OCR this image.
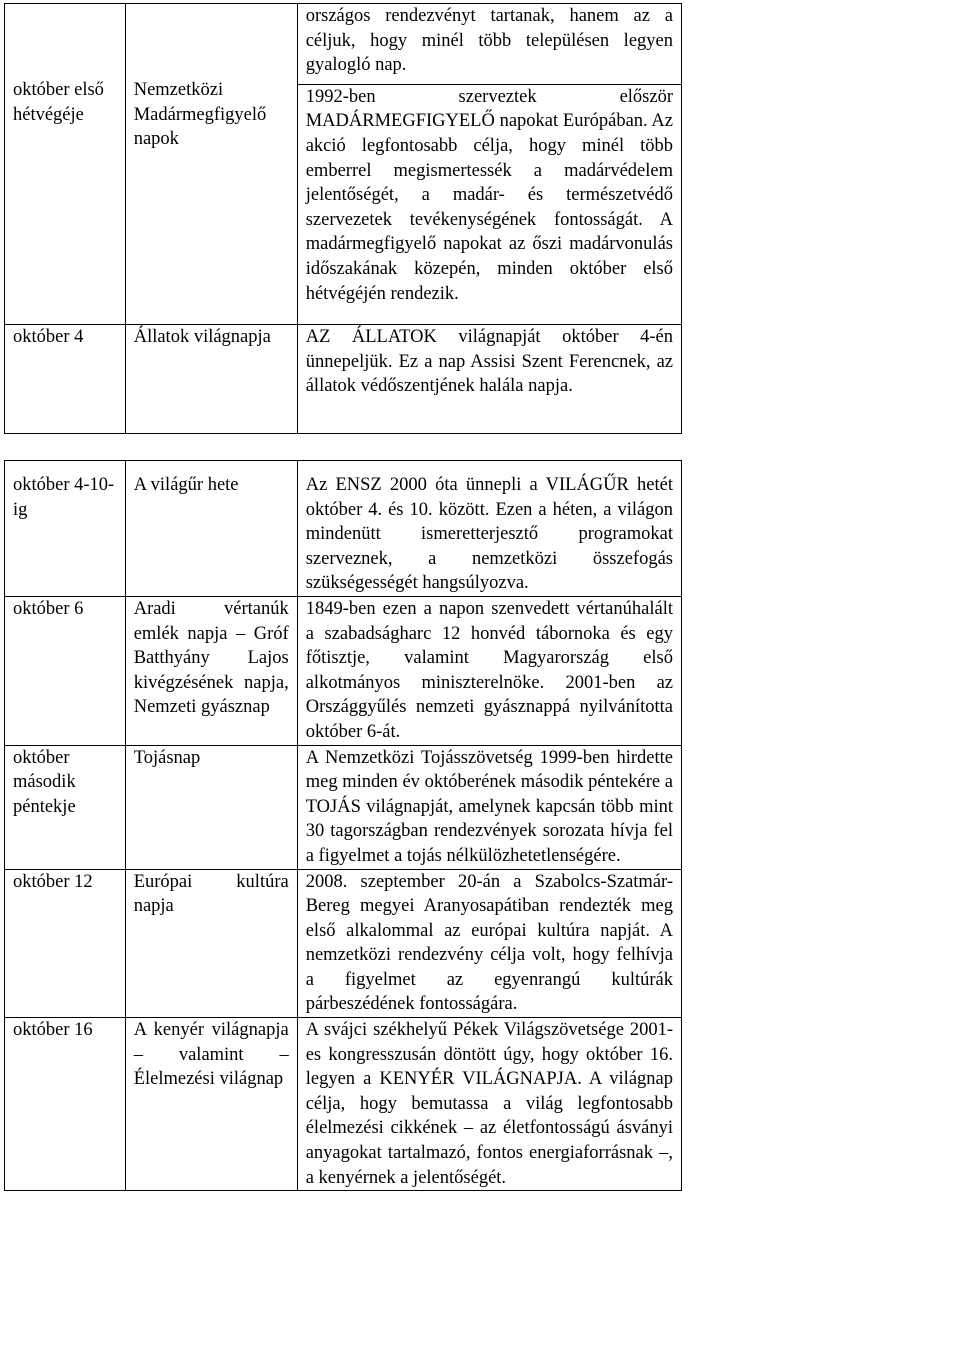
október első hétvégéje	Nemzetközi Madármegfigyelő napok	országos rendezvényt tartanak, hanem az a céljuk, hogy minél több településen legyen gyalogló nap.
		1992-ben szerveztek először MADÁRMEGFIGYELŐ napokat Európában. Az akció legfontosabb célja, hogy minél több emberrel megismertessék a madárvédelem jelentőségét, a madár- és természetvédő szervezetek tevékenységének fontosságát. A madármegfigyelő napokat az őszi madárvonulás időszakának közepén, minden október első hétvégéjén rendezik.
október 4	Állatok világnapja	AZ ÁLLATOK világnapját október 4-én ünnepeljük. Ez a nap Assisi Szent Ferencnek, az állatok védőszentjének halála napja.
október 4-10-ig	A világűr hete	Az ENSZ 2000 óta ünnepli a VILÁGŰR hetét október 4. és 10. között. Ezen a héten, a világon mindenütt ismeretterjesztő programokat szerveznek, a nemzetközi összefogás szükségességét hangsúlyozva.
október 6	Aradi vértanúk emlék napja – Gróf Batthyány Lajos kivégzésének napja, Nemzeti gyásznap	1849-ben ezen a napon szenvedett vértanúhalált a szabadságharc 12 honvéd tábornoka és egy főtisztje, valamint Magyarország első alkotmányos miniszterelnöke. 2001-ben az Országgyűlés nemzeti gyásznappá nyilvánította október 6-át.
október második péntekje	Tojásnap	A Nemzetközi Tojásszövetség 1999-ben hirdette meg minden év októberének második péntekére a TOJÁS világnapját, amelynek kapcsán több mint 30 tagországban rendezvények sorozata hívja fel a figyelmet a tojás nélkülözhetetlenségére.
október 12	Európai kultúra napja	2008. szeptember 20-án a Szabolcs-Szatmár-Bereg megyei Aranyosapátiban rendezték meg első alkalommal az európai kultúra napját. A nemzetközi rendezvény célja volt, hogy felhívja a figyelmet az egyenrangú kultúrák párbeszédének fontosságára.
október 16	A kenyér világnapja – valamint – Élelmezési világnap	A svájci székhelyű Pékek Világszövetsége 2001-es kongresszusán döntött úgy, hogy október 16. legyen a KENYÉR VILÁGNAPJA. A világnap célja, hogy bemutassa a világ legfontosabb élelmezési cikkének – az életfontosságú ásványi anyagokat tartalmazó, fontos energiaforrásnak –, a kenyérnek a jelentőségét.
